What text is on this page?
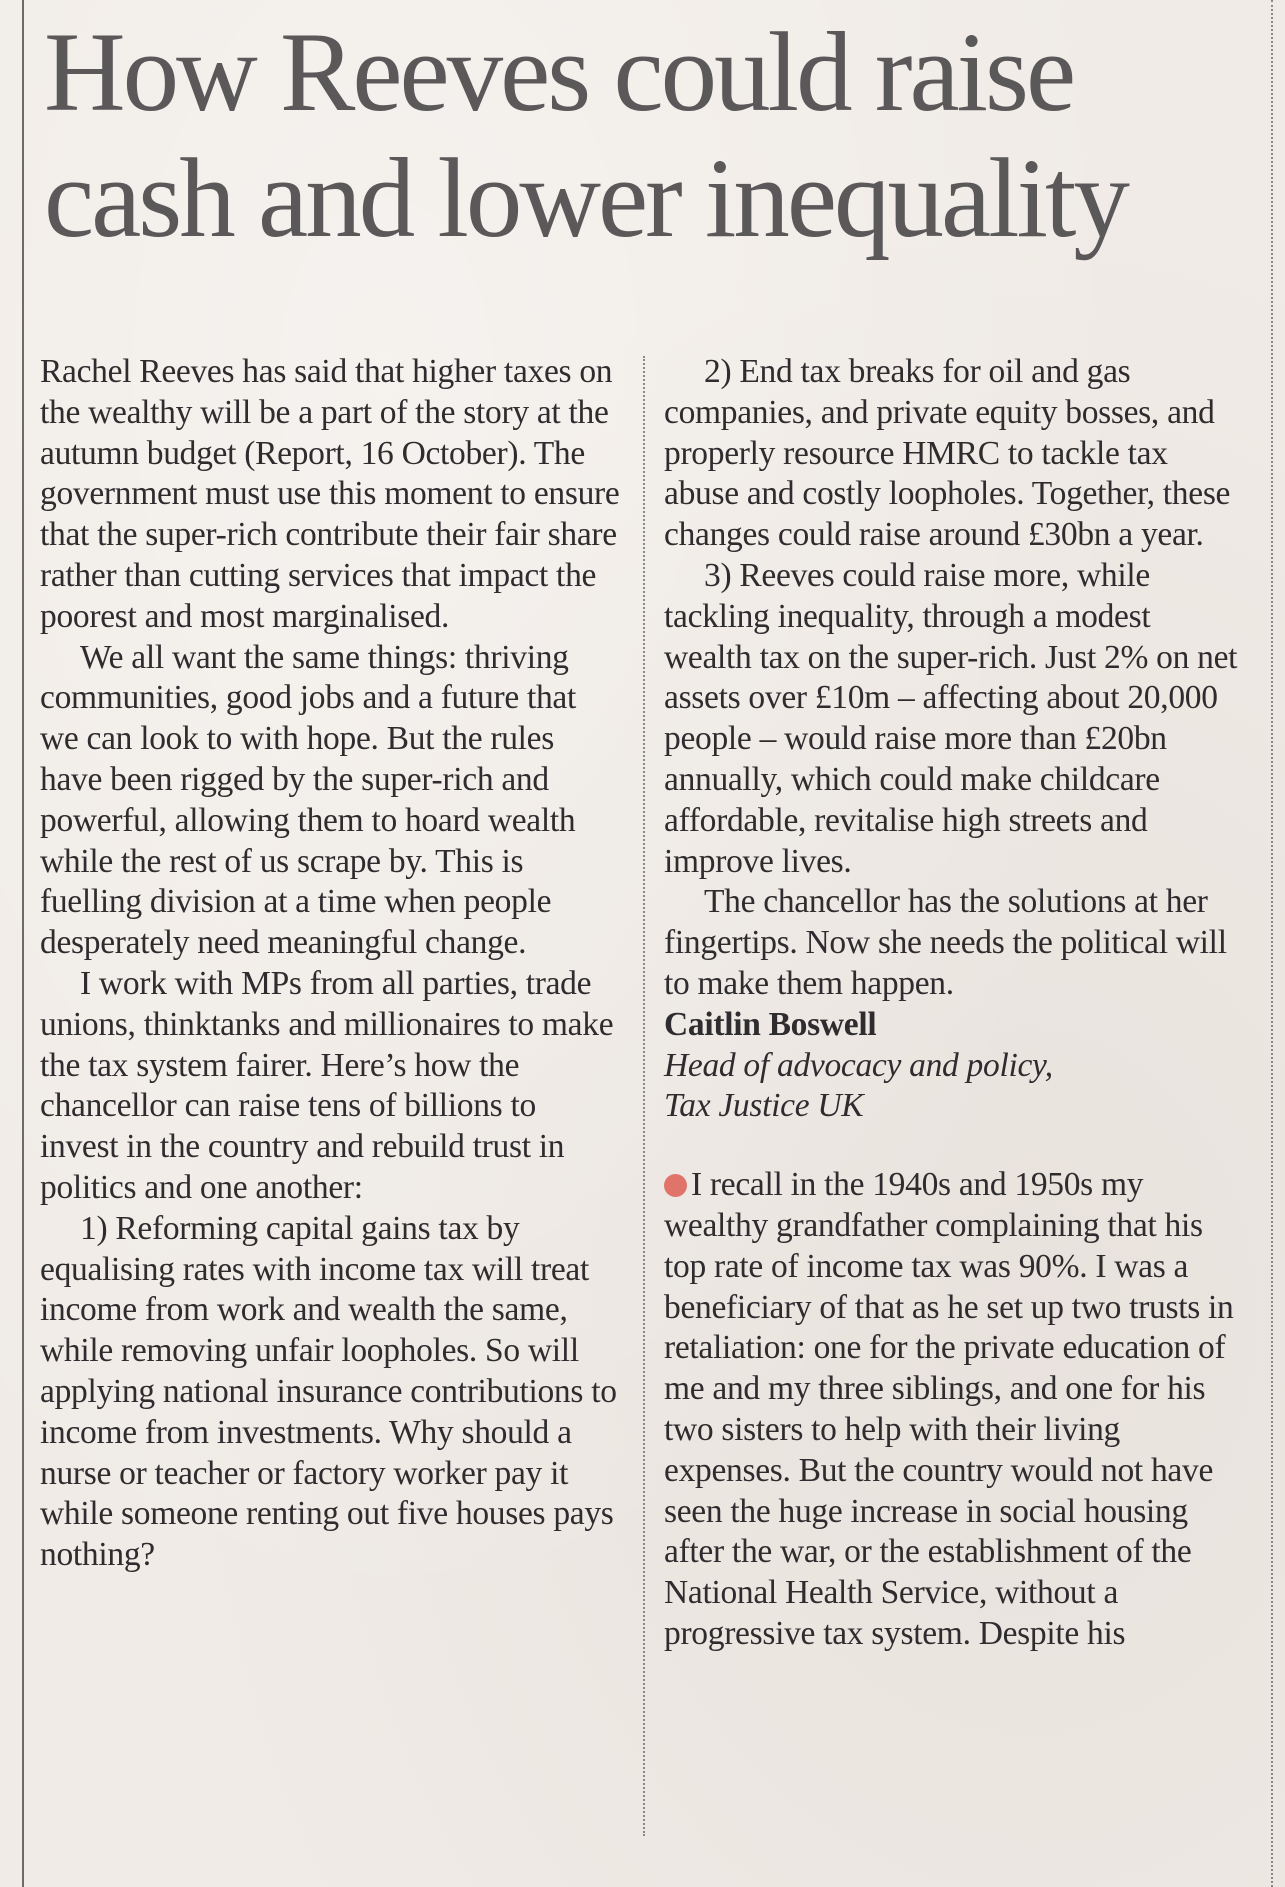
How Reeves could raise cash and lower inequality

Rachel Reeves has said that higher taxes on the wealthy will be a part of the story at the autumn budget (Report, 16 October). The government must use this moment to ensure that the super-rich contribute their fair share rather than cutting services that impact the poorest and most marginalised.

We all want the same things: thriving communities, good jobs and a future that we can look to with hope. But the rules have been rigged by the super-rich and powerful, allowing them to hoard wealth while the rest of us scrape by. This is fuelling division at a time when people desperately need meaningful change.

I work with MPs from all parties, trade unions, thinktanks and millionaires to make the tax system fairer. Here’s how the chancellor can raise tens of billions to invest in the country and rebuild trust in politics and one another:

1) Reforming capital gains tax by equalising rates with income tax will treat income from work and wealth the same, while removing unfair loopholes. So will applying national insurance contributions to income from investments. Why should a nurse or teacher or factory worker pay it while someone renting out five houses pays nothing?

2) End tax breaks for oil and gas companies, and private equity bosses, and properly resource HMRC to tackle tax abuse and costly loopholes. Together, these changes could raise around £30bn a year.

3) Reeves could raise more, while tackling inequality, through a modest wealth tax on the super-rich. Just 2% on net assets over £10m – affecting about 20,000 people – would raise more than £20bn annually, which could make childcare affordable, revitalise high streets and improve lives.

The chancellor has the solutions at her fingertips. Now she needs the political will to make them happen.

Caitlin Boswell

Head of advocacy and policy,

Tax Justice UK

I recall in the 1940s and 1950s my wealthy grandfather complaining that his top rate of income tax was 90%. I was a beneficiary of that as he set up two trusts in retaliation: one for the private education of me and my three siblings, and one for his two sisters to help with their living expenses. But the country would not have seen the huge increase in social housing after the war, or the establishment of the National Health Service, without a progressive tax system. Despite his
